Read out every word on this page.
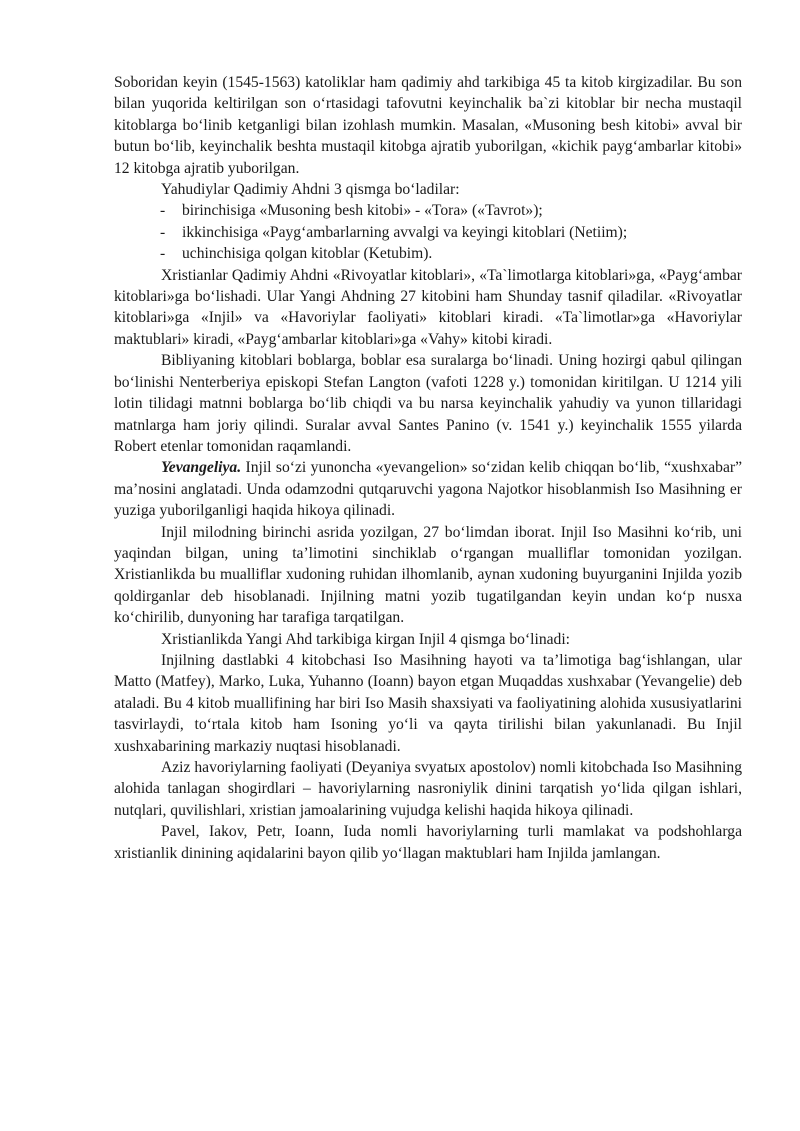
Soboridan keyin (1545-1563) katoliklar ham qadimiy ahd tarkibiga 45 ta kitob kirgizadilar. Bu son bilan yuqorida keltirilgan son o‘rtasidagi tafovutni keyinchalik ba`zi kitoblar bir necha mustaqil kitoblarga bo‘linib ketganligi bilan izohlash mumkin. Masalan, «Musoning besh kitobi» avval bir butun bo‘lib, keyinchalik beshta mustaqil kitobga ajratib yuborilgan, «kichik payg‘ambarlar kitobi» 12 kitobga ajratib yuborilgan.

Yahudiylar Qadimiy Ahdni 3 qismga bo‘ladilar:

- birinchisiga «Musoning besh kitobi» - «Tora» («Tavrot»);
- ikkinchisiga «Payg‘ambarlarning avvalgi va keyingi kitoblari (Netiim);
- uchinchisiga qolgan kitoblar (Ketubim).

Xristianlar Qadimiy Ahdni «Rivoyatlar kitoblari», «Ta`limotlarga kitoblari»ga, «Payg‘ambar kitoblari»ga bo‘lishadi. Ular Yangi Ahdning 27 kitobini ham Shunday tasnif qiladilar. «Rivoyatlar kitoblari»ga «Injil» va «Havoriylar faoliyati» kitoblari kiradi. «Ta`limotlar»ga «Havoriylar maktublari» kiradi, «Payg‘ambarlar kitoblari»ga «Vahy» kitobi kiradi.

Bibliyaning kitoblari boblarga, boblar esa suralarga bo‘linadi. Uning hozirgi qabul qilingan bo‘linishi Nenterberiya episkopi Stefan Langton (vafoti 1228 y.) tomonidan kiritilgan. U 1214 yili lotin tilidagi matnni boblarga bo‘lib chiqdi va bu narsa keyinchalik yahudiy va yunon tillaridagi matnlarga ham joriy qilindi. Suralar avval Santes Panino (v. 1541 y.) keyinchalik 1555 yilarda Robert etenlar tomonidan raqamlandi.

Yevangeliya. Injil so‘zi yunoncha «yevangelion» so‘zidan kelib chiqqan bo‘lib, “xushxabar” ma’nosini anglatadi. Unda odamzodni qutqaruvchi yagona Najotkor hisoblanmish Iso Masihning er yuziga yuborilganligi haqida hikoya qilinadi.

Injil milodning birinchi asrida yozilgan, 27 bo‘limdan iborat. Injil Iso Masihni ko‘rib, uni yaqindan bilgan, uning ta’limotini sinchiklab o‘rgangan mualliflar tomonidan yozilgan. Xristianlikda bu mualliflar xudoning ruhidan ilhomlanib, aynan xudoning buyurganini Injilda yozib qoldirganlar deb hisoblanadi. Injilning matni yozib tugatilgandan keyin undan ko‘p nusxa ko‘chirilib, dunyoning har tarafiga tarqatilgan.

Xristianlikda Yangi Ahd tarkibiga kirgan Injil 4 qismga bo‘linadi:

Injilning dastlabki 4 kitobchasi Iso Masihning hayoti va ta’limotiga bag‘ishlangan, ular Matto (Matfey), Marko, Luka, Yuhanno (Ioann) bayon etgan Muqaddas xushxabar (Yevangelie) deb ataladi. Bu 4 kitob muallifining har biri Iso Masih shaxsiyati va faoliyatining alohida xususiyatlarini tasvirlaydi, to‘rtala kitob ham Isoning yo‘li va qayta tirilishi bilan yakunlanadi. Bu Injil xushxabarining markaziy nuqtasi hisoblanadi.

Aziz havoriylarning faoliyati (Deyaniya svyatыx apostolov) nomli kitobchada Iso Masihning alohida tanlagan shogirdlari – havoriylarning nasroniylik dinini tarqatish yo‘lida qilgan ishlari, nutqlari, quvilishlari, xristian jamoalarining vujudga kelishi haqida hikoya qilinadi.

Pavel, Iakov, Petr, Ioann, Iuda nomli havoriylarning turli mamlakat va podshohlarga xristianlik dinining aqidalarini bayon qilib yo‘llagan maktublari ham Injilda jamlangan.
